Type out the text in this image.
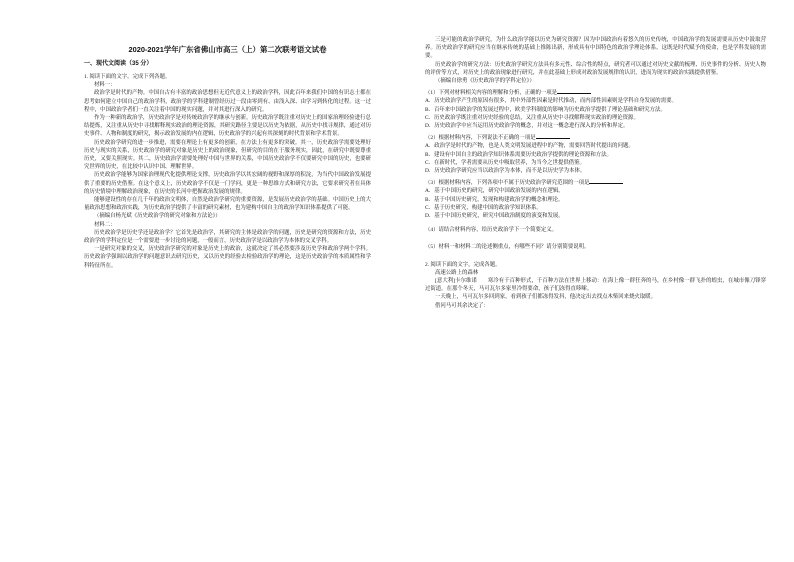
2020-2021学年广东省佛山市高三（上）第二次联考语文试卷
一、现代文阅读（35 分）

1. 阅读下面的文字，完成下列各题。

材料一：

政治学是时代的产物。中国自古有丰富的政治思想但无近代意义上的政治学科，因此百年来我们中国的有识志士都在思考如何建立中国自己的政治学科，政治学的学科建制曾经历过一段由零到有、由浅入深、由学习到转化的过程。这一过程中，中国政治学者们一直关注着中国的现实问题，并对其进行深入的研究。

作为一种新的政治学，历史政治学是对传统政治学的继承与创新。历史政治学既注重对历史上的国家治理经验进行总结提炼，又注重从历史中寻找解释现实政治的理论资源，其研究路径主要是以历史为依据，从历史中找寻规律，通过对历史事件、人物和制度的研究，揭示政治发展的内在逻辑，历史政治学的兴起有其深刻的时代背景和学术背景。

历史政治学研究的进一步推进，需要在理论上有更多的创新，在方法上有更多的突破。其一，历史政治学需要处理好历史与现实的关系，历史政治学的研究对象是历史上的政治现象，但研究的目的在于服务现实，因此，在研究中既要尊重历史，又要关照现实。其二，历史政治学需要处理好中国与世界的关系，中国历史政治学不仅要研究中国的历史，也要研究世界的历史，在比较中认识中国、理解世界。

历史政治学能够为国家治理现代化提供理论支撑，历史政治学以其宏阔的视野和深厚的积淀，为当代中国政治发展提供了重要的历史借鉴。在这个意义上，历史政治学不仅是一门学问，更是一种思维方式和研究方法，它要求研究者在具体的历史情境中理解政治现象，在历史的长河中把握政治发展的规律。

能够建设性的存在几千年的政治文明体，自然是政治学研究的重要资源，是发展历史政治学的基础。中国历史上的大量政治思想和政治实践，为历史政治学提供了丰富的研究素材，也为建构中国自主的政治学知识体系提供了可能。

（摘编自杨光斌《历史政治学的研究对象和方法论》）

材料二：

历史政治学是历史学还是政治学？它首先是政治学，其研究的主体是政治学的问题，历史是研究的资源和方法，历史政治学的学科定位是一个需要进一步讨论的问题，一般而言，历史政治学是以政治学为本体的交叉学科。

一是研究对象的交叉，历史政治学研究的对象是历史上的政治，这就决定了其必然要涉及历史学和政治学两个学科。历史政治学强调以政治学的问题意识去研究历史，又以历史的经验去检验政治学的理论，这是历史政治学的本质属性和学科特征所在。

三是可能的政治学研究，为什么政治学能以历史为研究资源？因为中国政治有着悠久的历史传统，中国政治学的发展需要从历史中汲取营养。历史政治学的研究应当在继承传统的基础上推陈出新，形成具有中国特色的政治学理论体系，这既是时代赋予的使命，也是学科发展的需要。

历史政治学的研究方法：历史政治学研究方法具有多元性、综合性的特点，研究者可以通过对历史文献的梳理、历史事件的分析、历史人物的评价等方式，对历史上的政治现象进行研究，并在此基础上形成对政治发展规律的认识，进而为现实的政治实践提供借鉴。

（摘编自徐勇《历史政治学的学科定位》）

（1）下列对材料相关内容的理解和分析，正确的一项是

A．历史政治学产生的原因有很多，其中外部性因素是时代推动，而内部性因素则是学科自身发展的需要。

B．百年来中国政治学的发展过程中，欧美学科制度的影响为历史政治学提供了理论基础和研究方法。

C．历史政治学既注重对历史经验的总结，又注重从历史中寻找解释现实政治的理论资源。

D．历史政治学中应当运用历史政治学的概念，并对这一概念进行深入的分析和界定。

（2）根据材料内容，下列说法不正确的一项是

A．政治学是时代的产物，也是人类文明发展进程中的产物，需要回答时代提出的问题。

B．建设有中国自主的政治学知识体系需要历史政治学提供的理论资源和方法。

C．在新时代，学者需要从历史中吸取营养，为当今之世提供借鉴。

D．历史政治学研究应当以政治学为本体，而不是以历史学为本体。

（3）根据材料内容，下列各项中不属于历史政治学研究范围的一项是

A．基于中国历史的研究，研究中国政治发展的内在逻辑。

B．基于中国历史研究，发现和构建政治学的概念和理论。

C．基于历史研究，构建中国的政治学知识体系。

D．基于中国历史研究，研究中国政治制度的演变和发展。

（4）请结合材料内容，给历史政治学下一个简要定义。

（5）材料一和材料二的论述侧重点，有哪些不同？请分别简要说明。

2. 阅读下面的文字，完成各题。

高速公路上的森林

[意大利]卡尔维诺　　寒冷有千百种形式，千百种方法在世界上移动：在海上像一群狂奔的马，在乡村像一群飞扑的蝗虫，在城市像刀锋穿过街道。在那个冬天，马可瓦尔多家里冷得要命，孩子们冻得直哆嗦。

一天晚上，马可瓦尔多回到家，看到孩子们都冻得发抖，他决定出去找点木柴回来烧火取暖。

借问马可其余决定了：
